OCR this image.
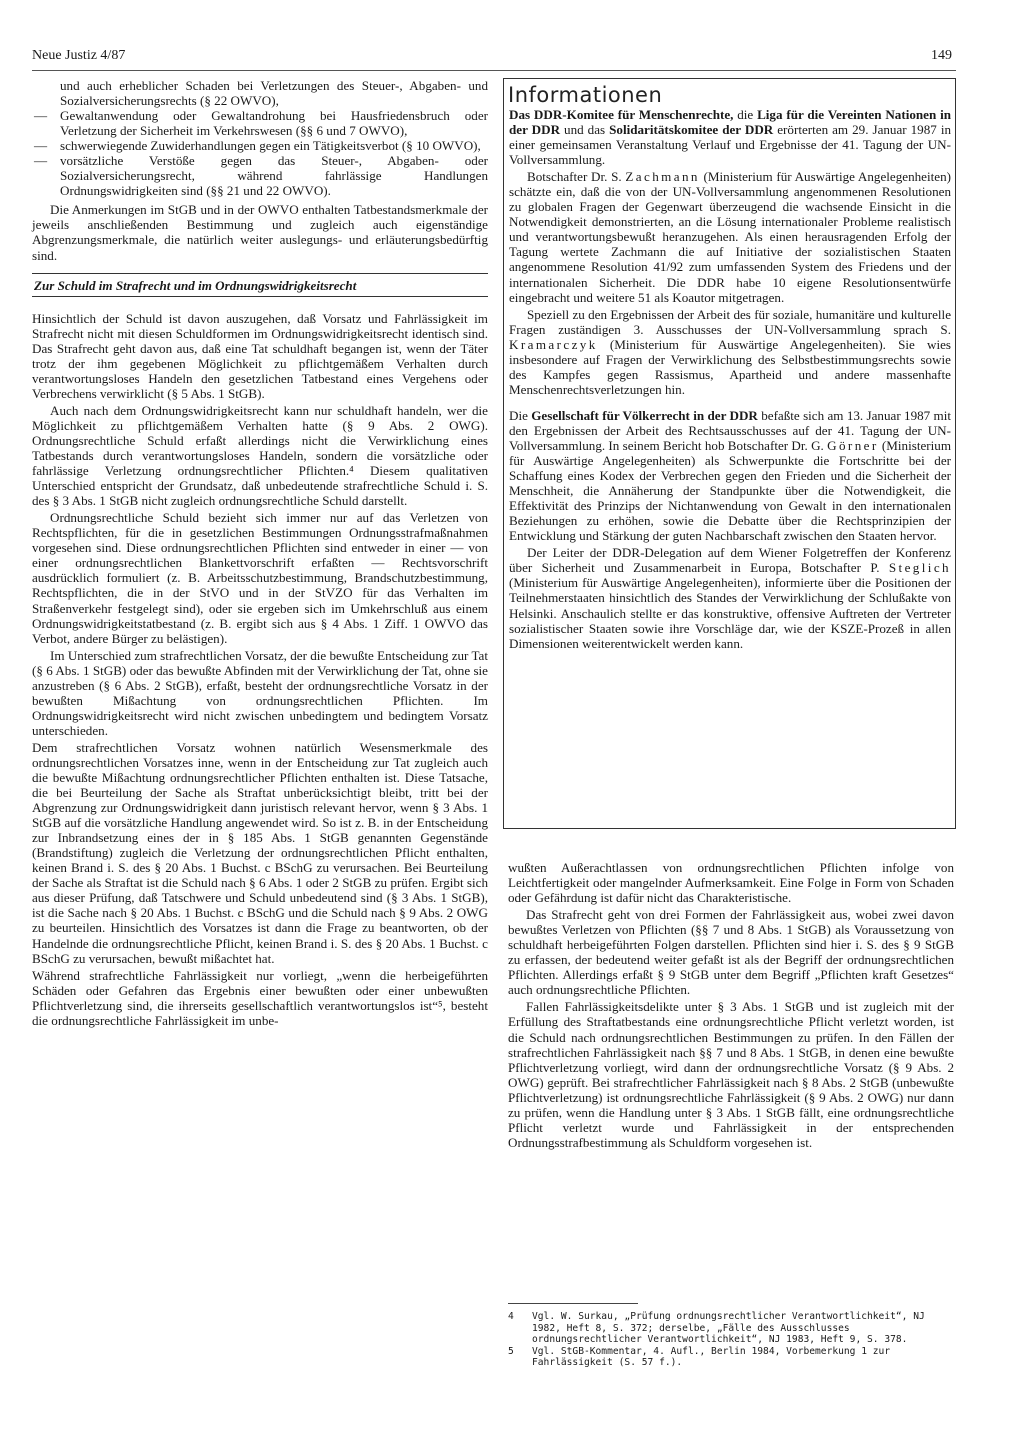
Neue Justiz 4/87	149
und auch erheblicher Schaden bei Verletzungen des Steuer-, Abgaben- und Sozialversicherungsrechts (§ 22 OWVO),
— Gewaltanwendung oder Gewaltandrohung bei Hausfriedensbruch oder Verletzung der Sicherheit im Verkehrswesen (§§ 6 und 7 OWVO),
— schwerwiegende Zuwiderhandlungen gegen ein Tätigkeitsverbot (§ 10 OWVO),
— vorsätzliche Verstöße gegen das Steuer-, Abgaben- oder Sozialversicherungsrecht, während fahrlässige Handlungen Ordnungswidrigkeiten sind (§§ 21 und 22 OWVO).

Die Anmerkungen im StGB und in der OWVO enthalten Tatbestandsmerkmale der jeweils anschließenden Bestimmung und zugleich auch eigenständige Abgrenzungsmerkmale, die natürlich weiter auslegungs- und erläuterungsbedürftig sind.

Zur Schuld im Strafrecht und im Ordnungswidrigkeitsrecht

Hinsichtlich der Schuld ist davon auszugehen, daß Vorsatz und Fahrlässigkeit im Strafrecht nicht mit diesen Schuldformen im Ordnungswidrigkeitsrecht identisch sind. Das Strafrecht geht davon aus, daß eine Tat schuldhaft begangen ist, wenn der Täter trotz der ihm gegebenen Möglichkeit zu pflichtgemäßem Verhalten durch verantwortungsloses Handeln den gesetzlichen Tatbestand eines Vergehens oder Verbrechens verwirklicht (§ 5 Abs. 1 StGB).

Auch nach dem Ordnungswidrigkeitsrecht kann nur schuldhaft handeln, wer die Möglichkeit zu pflichtgemäßem Verhalten hatte (§ 9 Abs. 2 OWG). Ordnungsrechtliche Schuld erfaßt allerdings nicht die Verwirklichung eines Tatbestands durch verantwortungsloses Handeln, sondern die vorsätzliche oder fahrlässige Verletzung ordnungsrechtlicher Pflichten.⁴ Diesem qualitativen Unterschied entspricht der Grundsatz, daß unbedeutende strafrechtliche Schuld i. S. des § 3 Abs. 1 StGB nicht zugleich ordnungsrechtliche Schuld darstellt.

Ordnungsrechtliche Schuld bezieht sich immer nur auf das Verletzen von Rechtspflichten, für die in gesetzlichen Bestimmungen Ordnungsstrafmaßnahmen vorgesehen sind. Diese ordnungsrechtlichen Pflichten sind entweder in einer — von einer ordnungsrechtlichen Blankettvorschrift erfaßten — Rechtsvorschrift ausdrücklich formuliert (z. B. Arbeitsschutzbestimmung, Brandschutzbestimmung, Rechtspflichten, die in der StVO und in der StVZO für das Verhalten im Straßenverkehr festgelegt sind), oder sie ergeben sich im Umkehrschluß aus einem Ordnungswidrigkeitstatbestand (z. B. ergibt sich aus § 4 Abs. 1 Ziff. 1 OWVO das Verbot, andere Bürger zu belästigen).

Im Unterschied zum strafrechtlichen Vorsatz, der die bewußte Entscheidung zur Tat (§ 6 Abs. 1 StGB) oder das bewußte Abfinden mit der Verwirklichung der Tat, ohne sie anzustreben (§ 6 Abs. 2 StGB), erfaßt, besteht der ordnungsrechtliche Vorsatz in der bewußten Mißachtung von ordnungsrechtlichen Pflichten. Im Ordnungswidrigkeitsrecht wird nicht zwischen unbedingtem und bedingtem Vorsatz unterschieden.

Dem strafrechtlichen Vorsatz wohnen natürlich Wesensmerkmale des ordnungsrechtlichen Vorsatzes inne, wenn in der Entscheidung zur Tat zugleich auch die bewußte Mißachtung ordnungsrechtlicher Pflichten enthalten ist. Diese Tatsache, die bei Beurteilung der Sache als Straftat unberücksichtigt bleibt, tritt bei der Abgrenzung zur Ordnungswidrigkeit dann juristisch relevant hervor, wenn § 3 Abs. 1 StGB auf die vorsätzliche Handlung angewendet wird. So ist z. B. in der Entscheidung zur Inbrandsetzung eines der in § 185 Abs. 1 StGB genannten Gegenstände (Brandstiftung) zugleich die Verletzung der ordnungsrechtlichen Pflicht enthalten, keinen Brand i. S. des § 20 Abs. 1 Buchst. c BSchG zu verursachen. Bei Beurteilung der Sache als Straftat ist die Schuld nach § 6 Abs. 1 oder 2 StGB zu prüfen. Ergibt sich aus dieser Prüfung, daß Tatschwere und Schuld unbedeutend sind (§ 3 Abs. 1 StGB), ist die Sache nach § 20 Abs. 1 Buchst. c BSchG und die Schuld nach § 9 Abs. 2 OWG zu beurteilen. Hinsichtlich des Vorsatzes ist dann die Frage zu beantworten, ob der Handelnde die ordnungsrechtliche Pflicht, keinen Brand i. S. des § 20 Abs. 1 Buchst. c BSchG zu verursachen, bewußt mißachtet hat.

Während strafrechtliche Fahrlässigkeit nur vorliegt, „wenn die herbeigeführten Schäden oder Gefahren das Ergebnis einer bewußten oder einer unbewußten Pflichtverletzung sind, die ihrerseits gesellschaftlich verantwortungslos ist“⁵, besteht die ordnungsrechtliche Fahrlässigkeit im unbe-

Informationen

Das DDR-Komitee für Menschenrechte, die Liga für die Vereinten Nationen in der DDR und das Solidaritätskomitee der DDR erörterten am 29. Januar 1987 in einer gemeinsamen Veranstaltung Verlauf und Ergebnisse der 41. Tagung der UN-Vollversammlung.

Botschafter Dr. S. Zachmann (Ministerium für Auswärtige Angelegenheiten) schätzte ein, daß die von der UN-Vollversammlung angenommenen Resolutionen zu globalen Fragen der Gegenwart überzeugend die wachsende Einsicht in die Notwendigkeit demonstrierten, an die Lösung internationaler Probleme realistisch und verantwortungsbewußt heranzugehen. Als einen herausragenden Erfolg der Tagung wertete Zachmann die auf Initiative der sozialistischen Staaten angenommene Resolution 41/92 zum umfassenden System des Friedens und der internationalen Sicherheit. Die DDR habe 10 eigene Resolutionsentwürfe eingebracht und weitere 51 als Koautor mitgetragen.

Speziell zu den Ergebnissen der Arbeit des für soziale, humanitäre und kulturelle Fragen zuständigen 3. Ausschusses der UN-Vollversammlung sprach S. Kramarczyk (Ministerium für Auswärtige Angelegenheiten). Sie wies insbesondere auf Fragen der Verwirklichung des Selbstbestimmungsrechts sowie des Kampfes gegen Rassismus, Apartheid und andere massenhafte Menschenrechtsverletzungen hin.

Die Gesellschaft für Völkerrecht in der DDR befaßte sich am 13. Januar 1987 mit den Ergebnissen der Arbeit des Rechtsausschusses auf der 41. Tagung der UN-Vollversammlung. In seinem Bericht hob Botschafter Dr. G. Görner (Ministerium für Auswärtige Angelegenheiten) als Schwerpunkte die Fortschritte bei der Schaffung eines Kodex der Verbrechen gegen den Frieden und die Sicherheit der Menschheit, die Annäherung der Standpunkte über die Notwendigkeit, die Effektivität des Prinzips der Nichtanwendung von Gewalt in den internationalen Beziehungen zu erhöhen, sowie die Debatte über die Rechtsprinzipien der Entwicklung und Stärkung der guten Nachbarschaft zwischen den Staaten hervor.

Der Leiter der DDR-Delegation auf dem Wiener Folgetreffen der Konferenz über Sicherheit und Zusammenarbeit in Europa, Botschafter P. Steglich (Ministerium für Auswärtige Angelegenheiten), informierte über die Positionen der Teilnehmerstaaten hinsichtlich des Standes der Verwirklichung der Schlußakte von Helsinki. Anschaulich stellte er das konstruktive, offensive Auftreten der Vertreter sozialistischer Staaten sowie ihre Vorschläge dar, wie der KSZE-Prozeß in allen Dimensionen weiterentwickelt werden kann.

wußten Außerachtlassen von ordnungsrechtlichen Pflichten infolge von Leichtfertigkeit oder mangelnder Aufmerksamkeit. Eine Folge in Form von Schaden oder Gefährdung ist dafür nicht das Charakteristische.

Das Strafrecht geht von drei Formen der Fahrlässigkeit aus, wobei zwei davon bewußtes Verletzen von Pflichten (§§ 7 und 8 Abs. 1 StGB) als Voraussetzung von schuldhaft herbeigeführten Folgen darstellen. Pflichten sind hier i. S. des § 9 StGB zu erfassen, der bedeutend weiter gefaßt ist als der Begriff der ordnungsrechtlichen Pflichten. Allerdings erfaßt § 9 StGB unter dem Begriff „Pflichten kraft Gesetzes“ auch ordnungsrechtliche Pflichten.

Fallen Fahrlässigkeitsdelikte unter § 3 Abs. 1 StGB und ist zugleich mit der Erfüllung des Straftatbestands eine ordnungsrechtliche Pflicht verletzt worden, ist die Schuld nach ordnungsrechtlichen Bestimmungen zu prüfen. In den Fällen der strafrechtlichen Fahrlässigkeit nach §§ 7 und 8 Abs. 1 StGB, in denen eine bewußte Pflichtverletzung vorliegt, wird dann der ordnungsrechtliche Vorsatz (§ 9 Abs. 2 OWG) geprüft. Bei strafrechtlicher Fahrlässigkeit nach § 8 Abs. 2 StGB (unbewußte Pflichtverletzung) ist ordnungsrechtliche Fahrlässigkeit (§ 9 Abs. 2 OWG) nur dann zu prüfen, wenn die Handlung unter § 3 Abs. 1 StGB fällt, eine ordnungsrechtliche Pflicht verletzt wurde und Fahrlässigkeit in der entsprechenden Ordnungsstrafbestimmung als Schuldform vorgesehen ist.

4 Vgl. W. Surkau, „Prüfung ordnungsrechtlicher Verantwortlichkeit“, NJ 1982, Heft 8, S. 372; derselbe, „Fälle des Ausschlusses ordnungsrechtlicher Verantwortlichkeit“, NJ 1983, Heft 9, S. 378.
5 Vgl. StGB-Kommentar, 4. Aufl., Berlin 1984, Vorbemerkung 1 zur Fahrlässigkeit (S. 57 f.).
